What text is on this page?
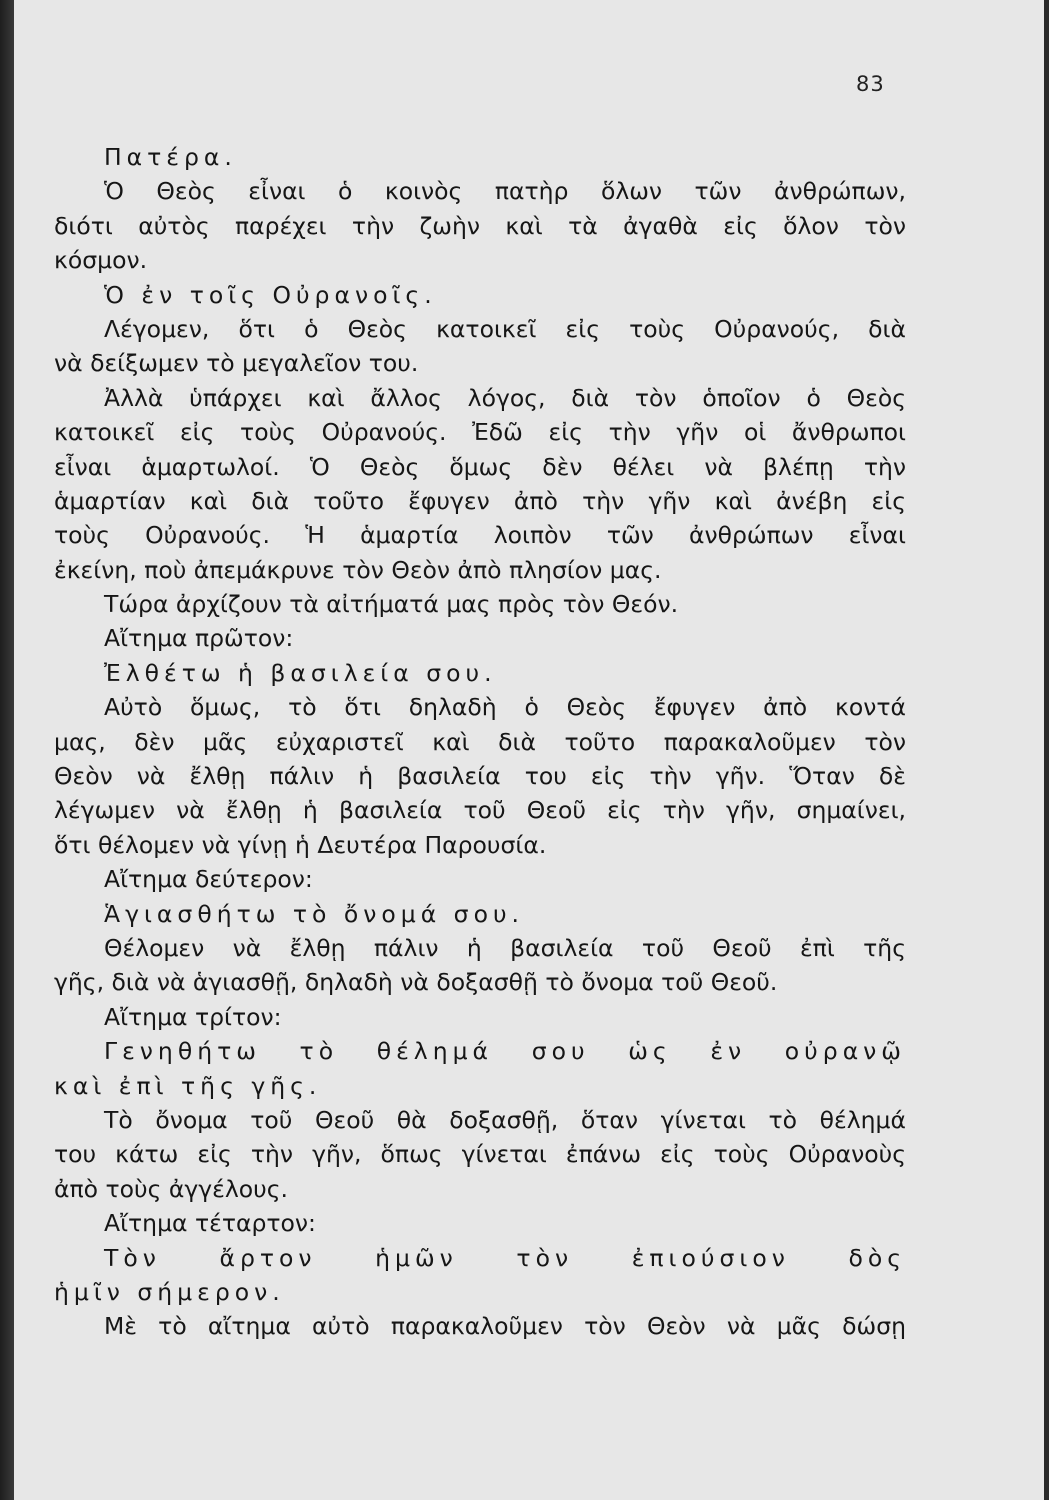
83
Πατέρα.
Ὁ Θεὸς εἶναι ὁ κοινὸς πατὴρ ὅλων τῶν ἀνθρώπων,
διότι αὐτὸς παρέχει τὴν ζωὴν καὶ τὰ ἀγαθὰ εἰς ὅλον τὸν
κόσμον.
Ὁ ἐν τοῖς Οὐρανοῖς.
Λέγομεν, ὅτι ὁ Θεὸς κατοικεῖ εἰς τοὺς Οὐρανούς, διὰ
νὰ δείξωμεν τὸ μεγαλεῖον του.
Ἀλλὰ ὑπάρχει καὶ ἄλλος λόγος, διὰ τὸν ὁποῖον ὁ Θεὸς
κατοικεῖ εἰς τοὺς Οὐρανούς. Ἐδῶ εἰς τὴν γῆν οἱ ἄνθρωποι
εἶναι ἁμαρτωλοί. Ὁ Θεὸς ὅμως δὲν θέλει νὰ βλέπῃ τὴν
ἁμαρτίαν καὶ διὰ τοῦτο ἔφυγεν ἀπὸ τὴν γῆν καὶ ἀνέβη εἰς
τοὺς Οὐρανούς. Ἡ ἁμαρτία λοιπὸν τῶν ἀνθρώπων εἶναι
ἐκείνη, ποὺ ἀπεμάκρυνε τὸν Θεὸν ἀπὸ πλησίον μας.
Τώρα ἀρχίζουν τὰ αἰτήματά μας πρὸς τὸν Θεόν.
Αἴτημα πρῶτον:
Ἐλθέτω ἡ βασιλεία σου.
Αὐτὸ ὅμως, τὸ ὅτι δηλαδὴ ὁ Θεὸς ἔφυγεν ἀπὸ κοντά
μας, δὲν μᾶς εὐχαριστεῖ καὶ διὰ τοῦτο παρακαλοῦμεν τὸν
Θεὸν νὰ ἔλθῃ πάλιν ἡ βασιλεία του εἰς τὴν γῆν. Ὅταν δὲ
λέγωμεν νὰ ἔλθῃ ἡ βασιλεία τοῦ Θεοῦ εἰς τὴν γῆν, σημαίνει,
ὅτι θέλομεν νὰ γίνῃ ἡ Δευτέρα Παρουσία.
Αἴτημα δεύτερον:
Ἁγιασθήτω τὸ ὄνομά σου.
Θέλομεν νὰ ἔλθῃ πάλιν ἡ βασιλεία τοῦ Θεοῦ ἐπὶ τῆς
γῆς, διὰ νὰ ἁγιασθῇ, δηλαδὴ νὰ δοξασθῇ τὸ ὄνομα τοῦ Θεοῦ.
Αἴτημα τρίτον:
Γενηθήτω τὸ θέλημά σου ὡς ἐν οὐρανῷ
καὶ ἐπὶ τῆς γῆς.
Τὸ ὄνομα τοῦ Θεοῦ θὰ δοξασθῇ, ὅταν γίνεται τὸ θέλημά
του κάτω εἰς τὴν γῆν, ὅπως γίνεται ἐπάνω εἰς τοὺς Οὐρανοὺς
ἀπὸ τοὺς ἀγγέλους.
Αἴτημα τέταρτον:
Τὸν ἄρτον ἡμῶν τὸν ἐπιούσιον δὸς
ἡμῖν σήμερον.
Μὲ τὸ αἴτημα αὐτὸ παρακαλοῦμεν τὸν Θεὸν νὰ μᾶς δώσῃ
